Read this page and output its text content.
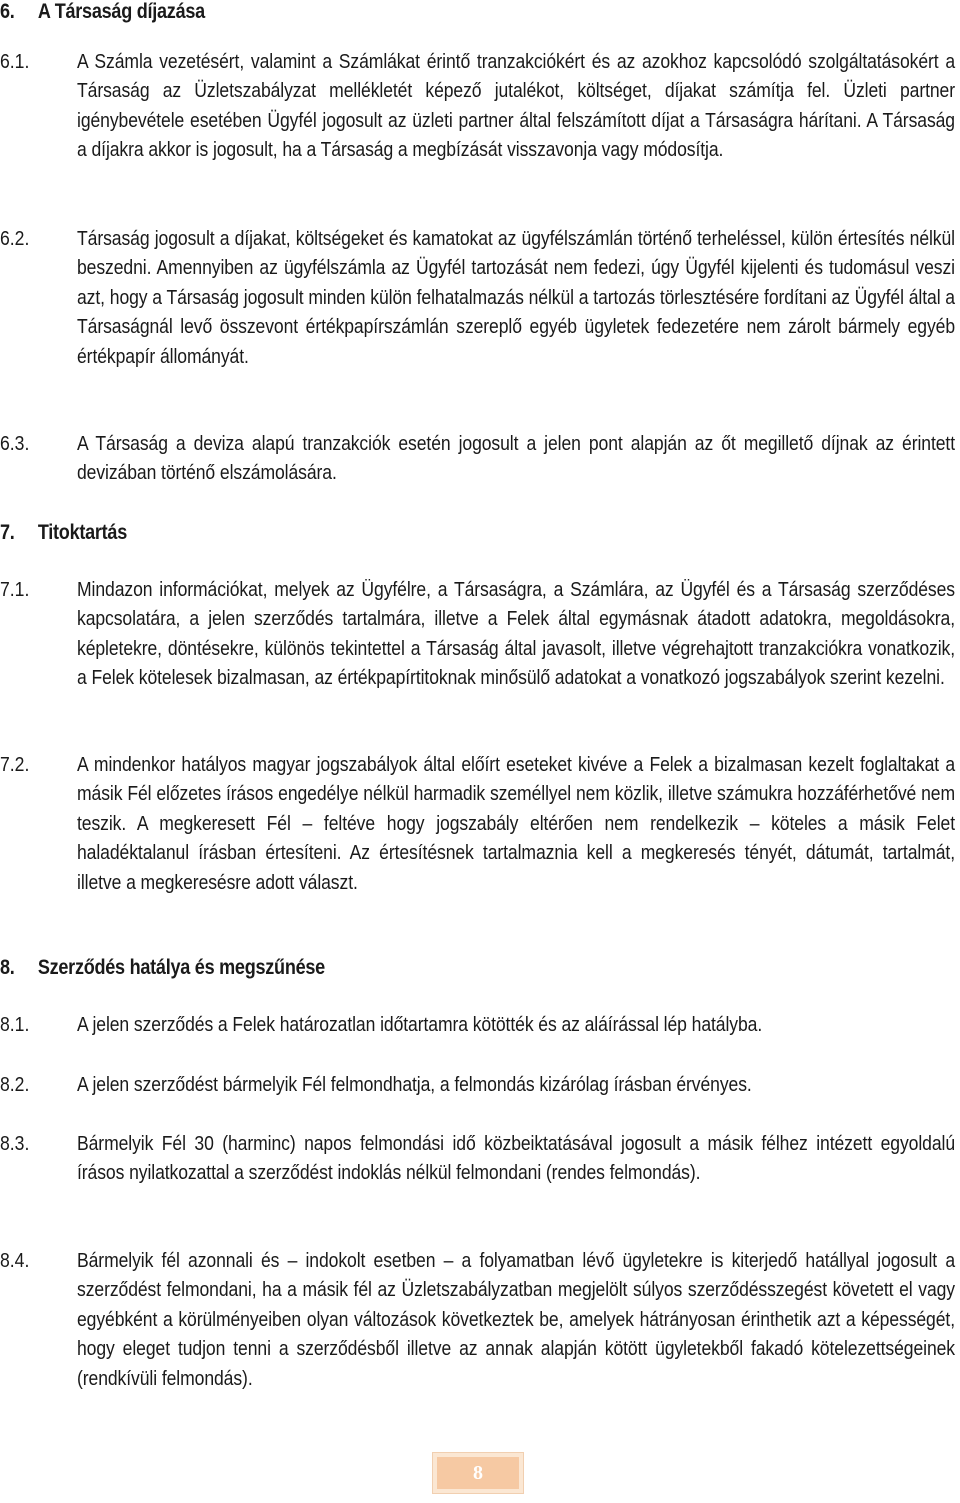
6. A Társaság díjazása
6.1. A Számla vezetésért, valamint a Számlákat érintő tranzakciókért és az azokhoz kapcsolódó szolgáltatásokért a Társaság az Üzletszabályzat mellékletét képező jutalékot, költséget, díjakat számítja fel. Üzleti partner igénybevétele esetében Ügyfél jogosult az üzleti partner által felszámított díjat a Társaságra hárítani. A Társaság a díjakra akkor is jogosult, ha a Társaság a megbízását visszavonja vagy módosítja.
6.2. Társaság jogosult a díjakat, költségeket és kamatokat az ügyfélszámlán történő terheléssel, külön értesítés nélkül beszedni. Amennyiben az ügyfélszámla az Ügyfél tartozását nem fedezi, úgy Ügyfél kijelenti és tudomásul veszi azt, hogy a Társaság jogosult minden külön felhatalmazás nélkül a tartozás törlesztésére fordítani az Ügyfél által a Társaságnál levő összevont értékpapírszámlán szereplő egyéb ügyletek fedezetére nem zárolt bármely egyéb értékpapír állományát.
6.3. A Társaság a deviza alapú tranzakciók esetén jogosult a jelen pont alapján az őt megillető díjnak az érintett devizában történő elszámolására.
7. Titoktartás
7.1. Mindazon információkat, melyek az Ügyfélre, a Társaságra, a Számlára, az Ügyfél és a Társaság szerződéses kapcsolatára, a jelen szerződés tartalmára, illetve a Felek által egymásnak átadott adatokra, megoldásokra, képletekre, döntésekre, különös tekintettel a Társaság által javasolt, illetve végrehajtott tranzakciókra vonatkozik, a Felek kötelesek bizalmasan, az értékpapírtitoknak minősülő adatokat a vonatkozó jogszabályok szerint kezelni.
7.2. A mindenkor hatályos magyar jogszabályok által előírt eseteket kivéve a Felek a bizalmasan kezelt foglaltakat a másik Fél előzetes írásos engedélye nélkül harmadik személlyel nem közlik, illetve számukra hozzáférhetővé nem teszik. A megkeresett Fél – feltéve hogy jogszabály eltérően nem rendelkezik – köteles a másik Felet haladéktalanul írásban értesíteni. Az értesítésnek tartalmaznia kell a megkeresés tényét, dátumát, tartalmát, illetve a megkeresésre adott választ.
8. Szerződés hatálya és megszűnése
8.1. A jelen szerződés a Felek határozatlan időtartamra kötötték és az aláírással lép hatályba.
8.2. A jelen szerződést bármelyik Fél felmondhatja, a felmondás kizárólag írásban érvényes.
8.3. Bármelyik Fél 30 (harminc) napos felmondási idő közbeiktatásával jogosult a másik félhez intézett egyoldalú írásos nyilatkozattal a szerződést indoklás nélkül felmondani (rendes felmondás).
8.4. Bármelyik fél azonnali és – indokolt esetben – a folyamatban lévő ügyletekre is kiterjedő hatállyal jogosult a szerződést felmondani, ha a másik fél az Üzletszabályzatban megjelölt súlyos szerződésszegést követett el vagy egyébként a körülményeiben olyan változások következtek be, amelyek hátrányosan érinthetik azt a képességét, hogy eleget tudjon tenni a szerződésből illetve az annak alapján kötött ügyletekből fakadó kötelezettségeinek (rendkívüli felmondás).
8
